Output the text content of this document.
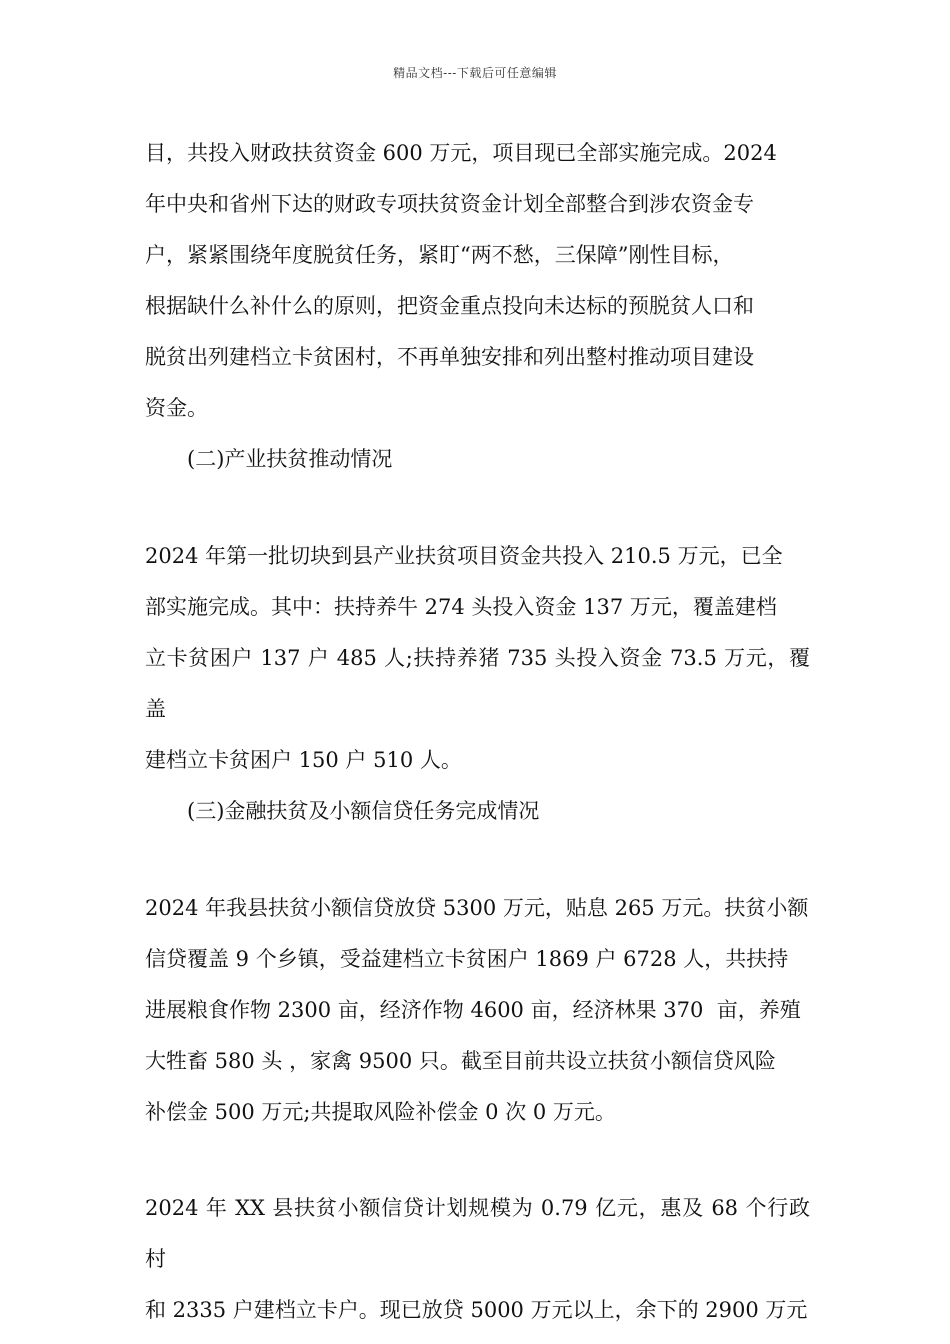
精品文档---下载后可任意编辑

目，共投入财政扶贫资金 600 万元，项目现已全部实施完成。2024

年中央和省州下达的财政专项扶贫资金计划全部整合到涉农资金专

户，紧紧围绕年度脱贫任务，紧盯“两不愁，三保障”刚性目标，

根据缺什么补什么的原则，把资金重点投向未达标的预脱贫人口和

脱贫出列建档立卡贫困村，不再单独安排和列出整村推动项目建设

资金。

(二)产业扶贫推动情况

2024 年第一批切块到县产业扶贫项目资金共投入 210.5 万元，已全

部实施完成。其中：扶持养牛 274 头投入资金 137 万元，覆盖建档

立卡贫困户 137 户 485 人;扶持养猪 735 头投入资金 73.5 万元，覆盖

建档立卡贫困户 150 户 510 人。

(三)金融扶贫及小额信贷任务完成情况

2024 年我县扶贫小额信贷放贷 5300 万元，贴息 265 万元。扶贫小额

信贷覆盖 9 个乡镇，受益建档立卡贫困户 1869 户 6728 人，共扶持

进展粮食作物 2300 亩，经济作物 4600 亩，经济林果 370  亩，养殖

大牲畜 580 头 ，家禽 9500 只。截至目前共设立扶贫小额信贷风险

补偿金 500 万元;共提取风险补偿金 0 次 0 万元。

2024 年 XX 县扶贫小额信贷计划规模为 0.79 亿元，惠及 68 个行政村

和 2335 户建档立卡户。现已放贷 5000 万元以上，余下的 2900 万元
